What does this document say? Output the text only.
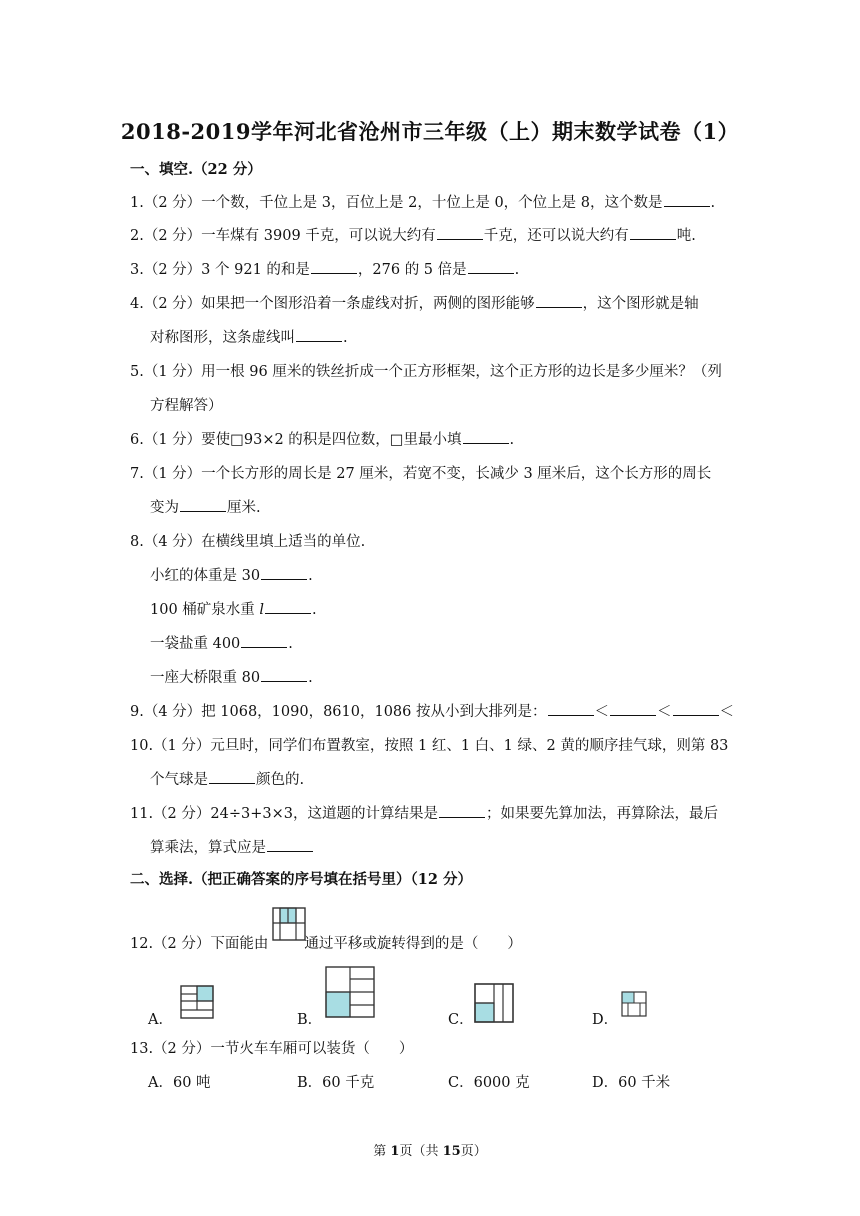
2018-2019学年河北省沧州市三年级（上）期末数学试卷（1）
一、填空.（22 分）
1.（2 分）一个数，千位上是 3，百位上是 2，十位上是 0，个位上是 8，这个数是	.
2.（2 分）一车煤有 3909 千克，可以说大约有	千克，还可以说大约有	吨.
3.（2 分）3 个 921 的和是	，276 的 5 倍是	.
4.（2 分）如果把一个图形沿着一条虚线对折，两侧的图形能够	，这个图形就是轴
对称图形，这条虚线叫	.
5.（1 分）用一根 96 厘米的铁丝折成一个正方形框架，这个正方形的边长是多少厘米？（列
方程解答）
6.（1 分）要使□93×2 的积是四位数，□里最小填	.
7.（1 分）一个长方形的周长是 27 厘米，若宽不变，长减少 3 厘米后，这个长方形的周长
变为	厘米.
8.（4 分）在横线里填上适当的单位.
小红的体重是 30	.
100 桶矿泉水重 l	.
一袋盐重 400	.
一座大桥限重 80	.
9.（4 分）把 1068，1090，8610，1086 按从小到大排列是：	＜	＜	＜
10.（1 分）元旦时，同学们布置教室，按照 1 红、1 白、1 绿、2 黄的顺序挂气球，则第 83
个气球是	颜色的.
11.（2 分）24÷3+3×3，这道题的计算结果是	；如果要先算加法，再算除法，最后
算乘法，算式应是
二、选择.（把正确答案的序号填在括号里）（12 分）
12.（2 分）下面能由 通过平移或旋转得到的是（　　）
A．	B．	C．	D．
13.（2 分）一节火车车厢可以装货（　　）
A．60 吨	B．60 千克	C．6000 克	D．60 千米
第 1页（共 15页）
